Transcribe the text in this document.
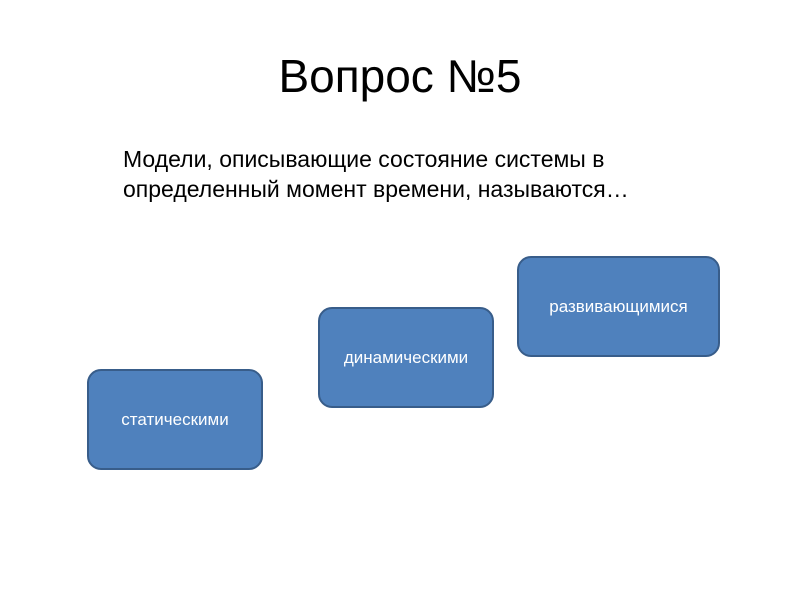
Вопрос №5
Модели, описывающие состояние системы в
определенный момент времени, называются…
статическими
динамическими
развивающимися
